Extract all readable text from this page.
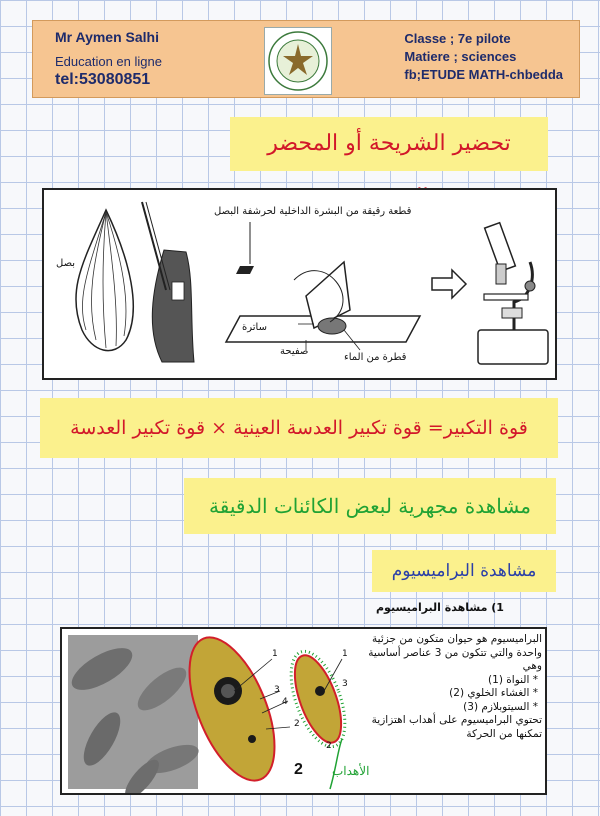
Mr Aymen Salhi
Education en ligne
tel:53080851
Classe ; 7e pilote
Matiere ; sciences
fb;ETUDE MATH-chbedda
تحضير الشريحة أو المحضر
بصل
قطعة رقيقة من البشرة الداخلية لحرشفة البصل
ساترة
صفيحة
قطرة من الماء
قوة التكبير= قوة تكبير العدسة العينية × قوة تكبير العدسة
مشاهدة مجهرية لبعض الكائنات الدقيقة
مشاهدة البراميسيوم
1) مشاهدة البراميسيوم
1
2
3
4
1
2
3
2 الأهداب

البراميسيوم هو حيوان متكون من جزئية واحدة والتي تتكون من 3 عناصر أساسية وهي

* النواة (1)
* الغشاء الخلوي (2)
* السيتوبلازم (3)

تحتوي البراميسيوم على أهداب اهتزازية تمكنها من الحركة
